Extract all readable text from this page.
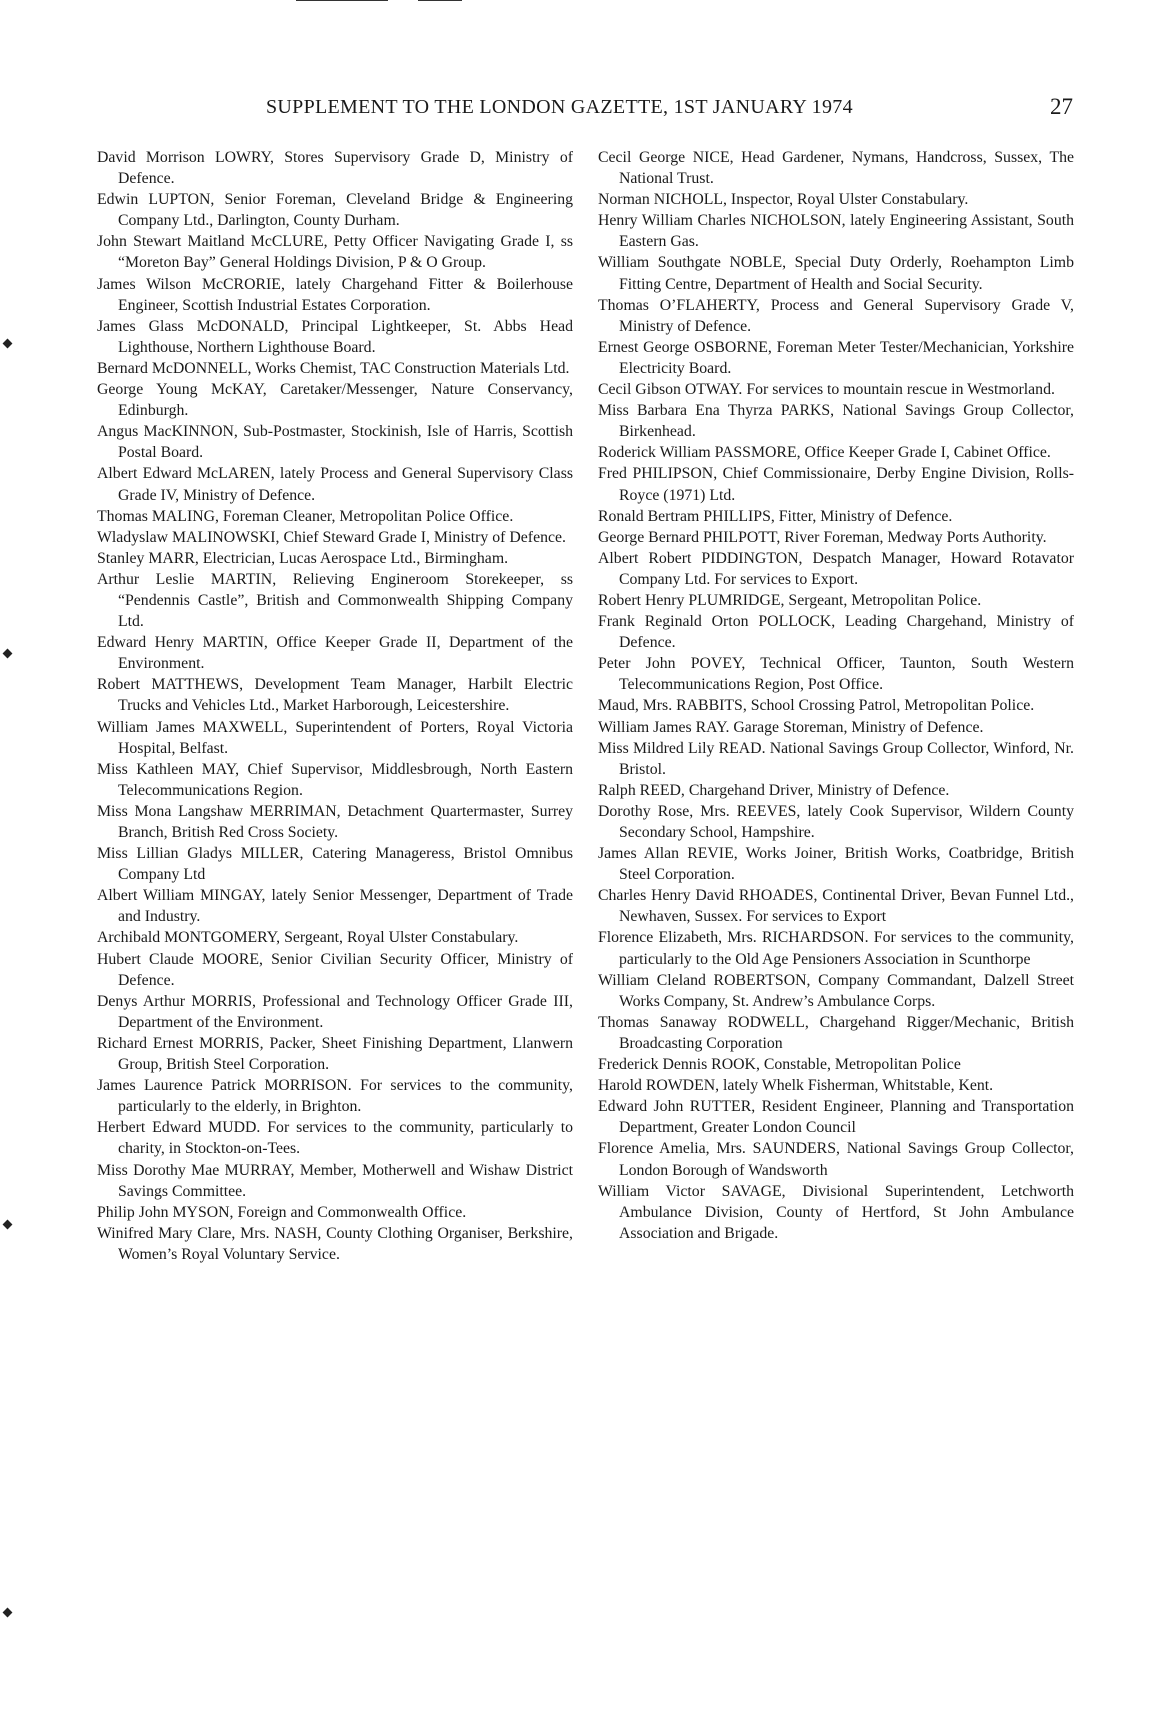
SUPPLEMENT TO THE LONDON GAZETTE, 1ST JANUARY 1974	27

David Morrison LOWRY, Stores Supervisory Grade D, Ministry of Defence.

Edwin LUPTON, Senior Foreman, Cleveland Bridge & Engineering Company Ltd., Darlington, County Durham.

John Stewart Maitland McCLURE, Petty Officer Navigating Grade I, ss “Moreton Bay” General Holdings Division, P & O Group.

James Wilson McCRORIE, lately Chargehand Fitter & Boilerhouse Engineer, Scottish Industrial Estates Corporation.

James Glass McDONALD, Principal Lightkeeper, St. Abbs Head Lighthouse, Northern Lighthouse Board.

Bernard McDONNELL, Works Chemist, TAC Construction Materials Ltd.

George Young McKAY, Caretaker/Messenger, Nature Conservancy, Edinburgh.

Angus MacKINNON, Sub-Postmaster, Stockinish, Isle of Harris, Scottish Postal Board.

Albert Edward McLAREN, lately Process and General Supervisory Class Grade IV, Ministry of Defence.

Thomas MALING, Foreman Cleaner, Metropolitan Police Office.

Wladyslaw MALINOWSKI, Chief Steward Grade I, Ministry of Defence.

Stanley MARR, Electrician, Lucas Aerospace Ltd., Birmingham.

Arthur Leslie MARTIN, Relieving Engineroom Storekeeper, ss “Pendennis Castle”, British and Commonwealth Shipping Company Ltd.

Edward Henry MARTIN, Office Keeper Grade II, Department of the Environment.

Robert MATTHEWS, Development Team Manager, Harbilt Electric Trucks and Vehicles Ltd., Market Harborough, Leicestershire.

William James MAXWELL, Superintendent of Porters, Royal Victoria Hospital, Belfast.

Miss Kathleen MAY, Chief Supervisor, Middlesbrough, North Eastern Telecommunications Region.

Miss Mona Langshaw MERRIMAN, Detachment Quartermaster, Surrey Branch, British Red Cross Society.

Miss Lillian Gladys MILLER, Catering Manageress, Bristol Omnibus Company Ltd

Albert William MINGAY, lately Senior Messenger, Department of Trade and Industry.

Archibald MONTGOMERY, Sergeant, Royal Ulster Constabulary.

Hubert Claude MOORE, Senior Civilian Security Officer, Ministry of Defence.

Denys Arthur MORRIS, Professional and Technology Officer Grade III, Department of the Environment.

Richard Ernest MORRIS, Packer, Sheet Finishing Department, Llanwern Group, British Steel Corporation.

James Laurence Patrick MORRISON. For services to the community, particularly to the elderly, in Brighton.

Herbert Edward MUDD. For services to the community, particularly to charity, in Stockton-on-Tees.

Miss Dorothy Mae MURRAY, Member, Motherwell and Wishaw District Savings Committee.

Philip John MYSON, Foreign and Commonwealth Office.

Winifred Mary Clare, Mrs. NASH, County Clothing Organiser, Berkshire, Women’s Royal Voluntary Service.

Cecil George NICE, Head Gardener, Nymans, Handcross, Sussex, The National Trust.

Norman NICHOLL, Inspector, Royal Ulster Constabulary.

Henry William Charles NICHOLSON, lately Engineering Assistant, South Eastern Gas.

William Southgate NOBLE, Special Duty Orderly, Roehampton Limb Fitting Centre, Department of Health and Social Security.

Thomas O’FLAHERTY, Process and General Supervisory Grade V, Ministry of Defence.

Ernest George OSBORNE, Foreman Meter Tester/Mechanician, Yorkshire Electricity Board.

Cecil Gibson OTWAY. For services to mountain rescue in Westmorland.

Miss Barbara Ena Thyrza PARKS, National Savings Group Collector, Birkenhead.

Roderick William PASSMORE, Office Keeper Grade I, Cabinet Office.

Fred PHILIPSON, Chief Commissionaire, Derby Engine Division, Rolls-Royce (1971) Ltd.

Ronald Bertram PHILLIPS, Fitter, Ministry of Defence.

George Bernard PHILPOTT, River Foreman, Medway Ports Authority.

Albert Robert PIDDINGTON, Despatch Manager, Howard Rotavator Company Ltd. For services to Export.

Robert Henry PLUMRIDGE, Sergeant, Metropolitan Police.

Frank Reginald Orton POLLOCK, Leading Chargehand, Ministry of Defence.

Peter John POVEY, Technical Officer, Taunton, South Western Telecommunications Region, Post Office.

Maud, Mrs. RABBITS, School Crossing Patrol, Metropolitan Police.

William James RAY. Garage Storeman, Ministry of Defence.

Miss Mildred Lily READ. National Savings Group Collector, Winford, Nr. Bristol.

Ralph REED, Chargehand Driver, Ministry of Defence.

Dorothy Rose, Mrs. REEVES, lately Cook Supervisor, Wildern County Secondary School, Hampshire.

James Allan REVIE, Works Joiner, British Works, Coatbridge, British Steel Corporation.

Charles Henry David RHOADES, Continental Driver, Bevan Funnel Ltd., Newhaven, Sussex. For services to Export

Florence Elizabeth, Mrs. RICHARDSON. For services to the community, particularly to the Old Age Pensioners Association in Scunthorpe

William Cleland ROBERTSON, Company Commandant, Dalzell Street Works Company, St. Andrew’s Ambulance Corps.

Thomas Sanaway RODWELL, Chargehand Rigger/Mechanic, British Broadcasting Corporation

Frederick Dennis ROOK, Constable, Metropolitan Police

Harold ROWDEN, lately Whelk Fisherman, Whitstable, Kent.

Edward John RUTTER, Resident Engineer, Planning and Transportation Department, Greater London Council

Florence Amelia, Mrs. SAUNDERS, National Savings Group Collector, London Borough of Wandsworth

William Victor SAVAGE, Divisional Superintendent, Letchworth Ambulance Division, County of Hertford, St John Ambulance Association and Brigade.
